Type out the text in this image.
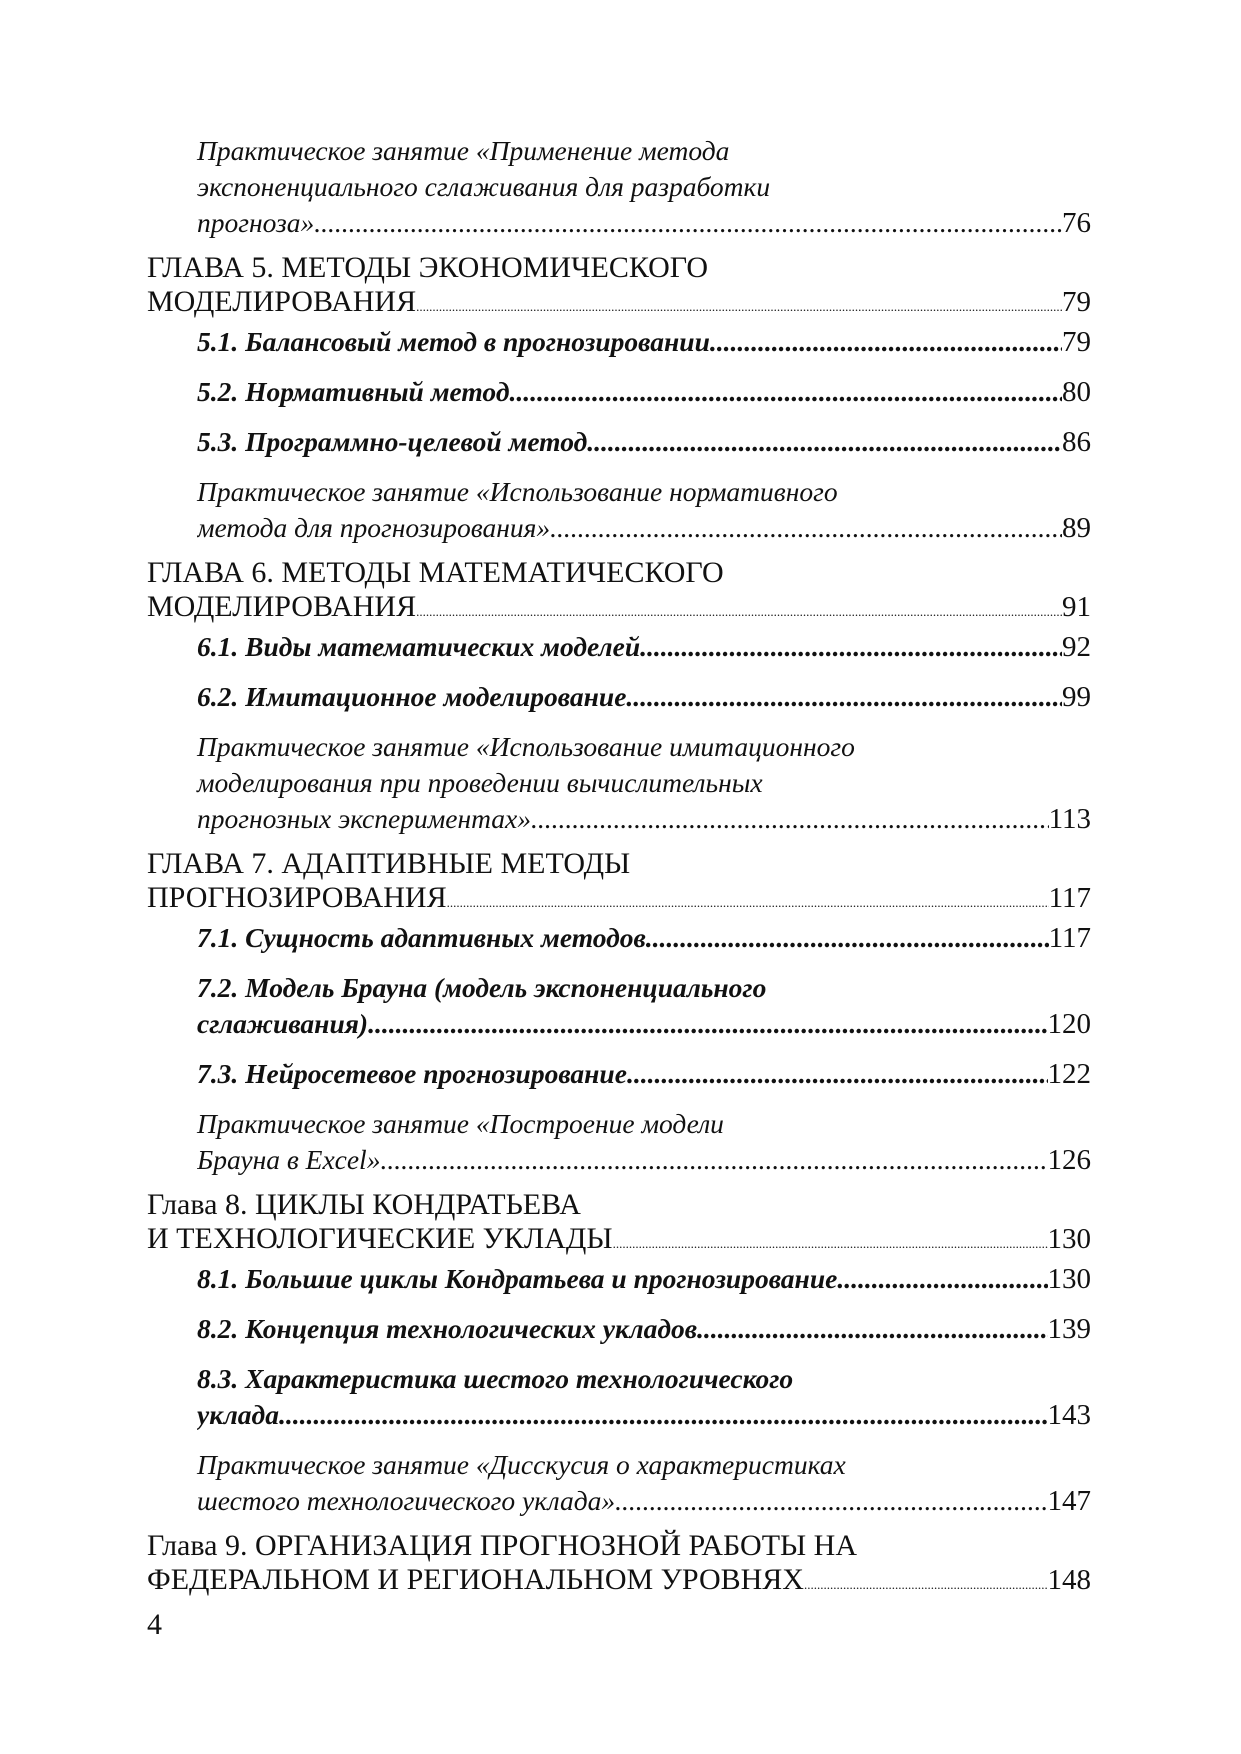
Практическое занятие «Применение метода
экспоненциального сглаживания для разработки
прогноза» .....	76
ГЛАВА 5. МЕТОДЫ ЭКОНОМИЧЕСКОГО
МОДЕЛИРОВАНИЯ .....	79
5.1. Балансовый метод в прогнозировании .....	79
5.2. Нормативный метод .....	80
5.3. Программно-целевой метод .....	86
Практическое занятие «Использование нормативного
метода для прогнозирования» .....	89
ГЛАВА 6. МЕТОДЫ МАТЕМАТИЧЕСКОГО
МОДЕЛИРОВАНИЯ .....	91
6.1. Виды математических моделей .....	92
6.2. Имитационное моделирование .....	99
Практическое занятие «Использование имитационного
моделирования при проведении вычислительных
прогнозных экспериментах» .....	113
ГЛАВА 7. АДАПТИВНЫЕ МЕТОДЫ
ПРОГНОЗИРОВАНИЯ .....	117
7.1. Сущность адаптивных методов .....	117
7.2. Модель Брауна (модель экспоненциального
сглаживания) .....	120
7.3. Нейросетевое прогнозирование .....	122
Практическое занятие «Построение модели
Брауна в Excel» .....	126
Глава 8. ЦИКЛЫ КОНДРАТЬЕВА
И ТЕХНОЛОГИЧЕСКИЕ УКЛАДЫ .....	130
8.1. Большие циклы Кондратьева и прогнозирование .....	130
8.2. Концепция технологических укладов .....	139
8.3. Характеристика шестого технологического
уклада .....	143
Практическое занятие «Дисскусия о характеристиках
шестого технологического уклада» .....	147
Глава 9. ОРГАНИЗАЦИЯ ПРОГНОЗНОЙ РАБОТЫ НА
ФЕДЕРАЛЬНОМ И РЕГИОНАЛЬНОМ УРОВНЯХ .....	148
4
